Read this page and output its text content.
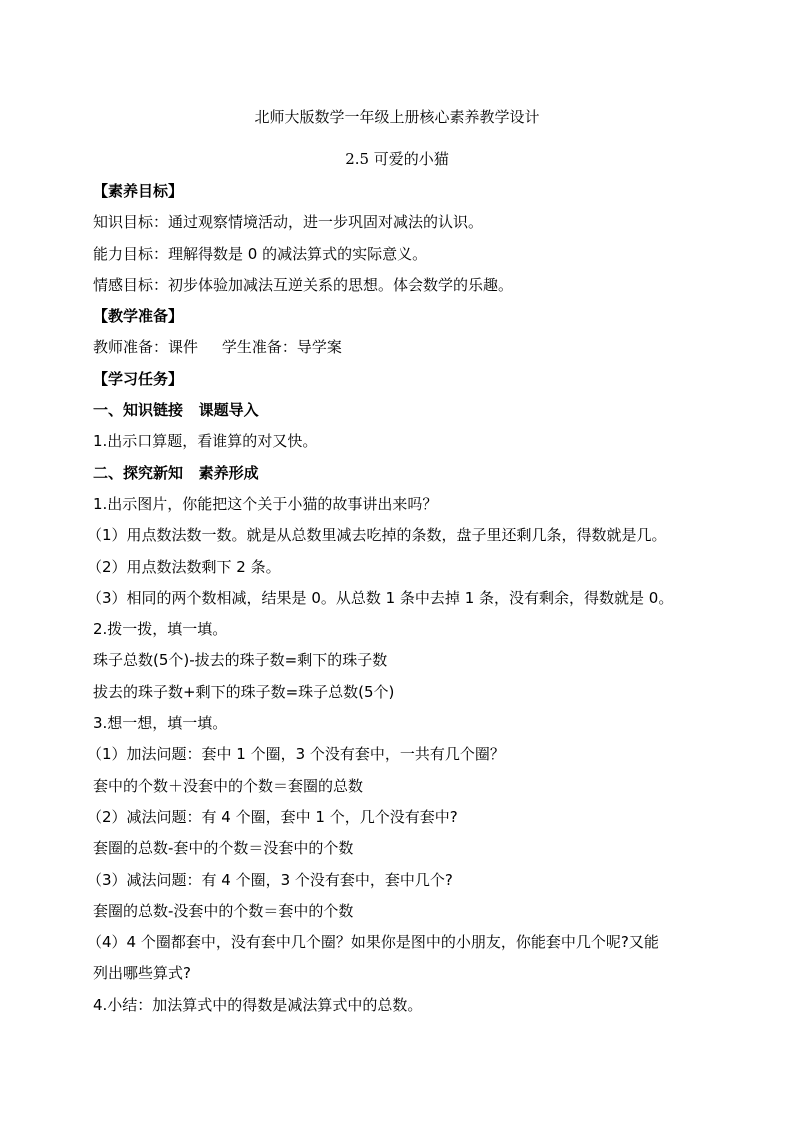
北师大版数学一年级上册核心素养教学设计
2.5 可爱的小猫
【素养目标】
知识目标：通过观察情境活动，进一步巩固对减法的认识。
能力目标：理解得数是 0 的减法算式的实际意义。
情感目标：初步体验加减法互逆关系的思想。体会数学的乐趣。
【教学准备】
教师准备：课件     学生准备：导学案
【学习任务】
一、知识链接   课题导入
1.出示口算题，看谁算的对又快。
二、探究新知   素养形成
1.出示图片，你能把这个关于小猫的故事讲出来吗？
（1）用点数法数一数。就是从总数里减去吃掉的条数，盘子里还剩几条，得数就是几。
（2）用点数法数剩下 2 条。
（3）相同的两个数相减，结果是 0。从总数 1 条中去掉 1 条，没有剩余，得数就是 0。
2.拨一拨，填一填。
珠子总数(5个)-拔去的珠子数=剩下的珠子数
拔去的珠子数+剩下的珠子数=珠子总数(5个)
3.想一想，填一填。
（1）加法问题：套中 1 个圈，3 个没有套中，一共有几个圈？
套中的个数＋没套中的个数＝套圈的总数
（2）减法问题：有 4 个圈，套中 1 个，几个没有套中?
套圈的总数-套中的个数＝没套中的个数
（3）减法问题：有 4 个圈，3 个没有套中，套中几个?
套圈的总数-没套中的个数＝套中的个数
（4）4 个圈都套中，没有套中几个圈？如果你是图中的小朋友，你能套中几个呢?又能
列出哪些算式?
4.小结：加法算式中的得数是减法算式中的总数。
